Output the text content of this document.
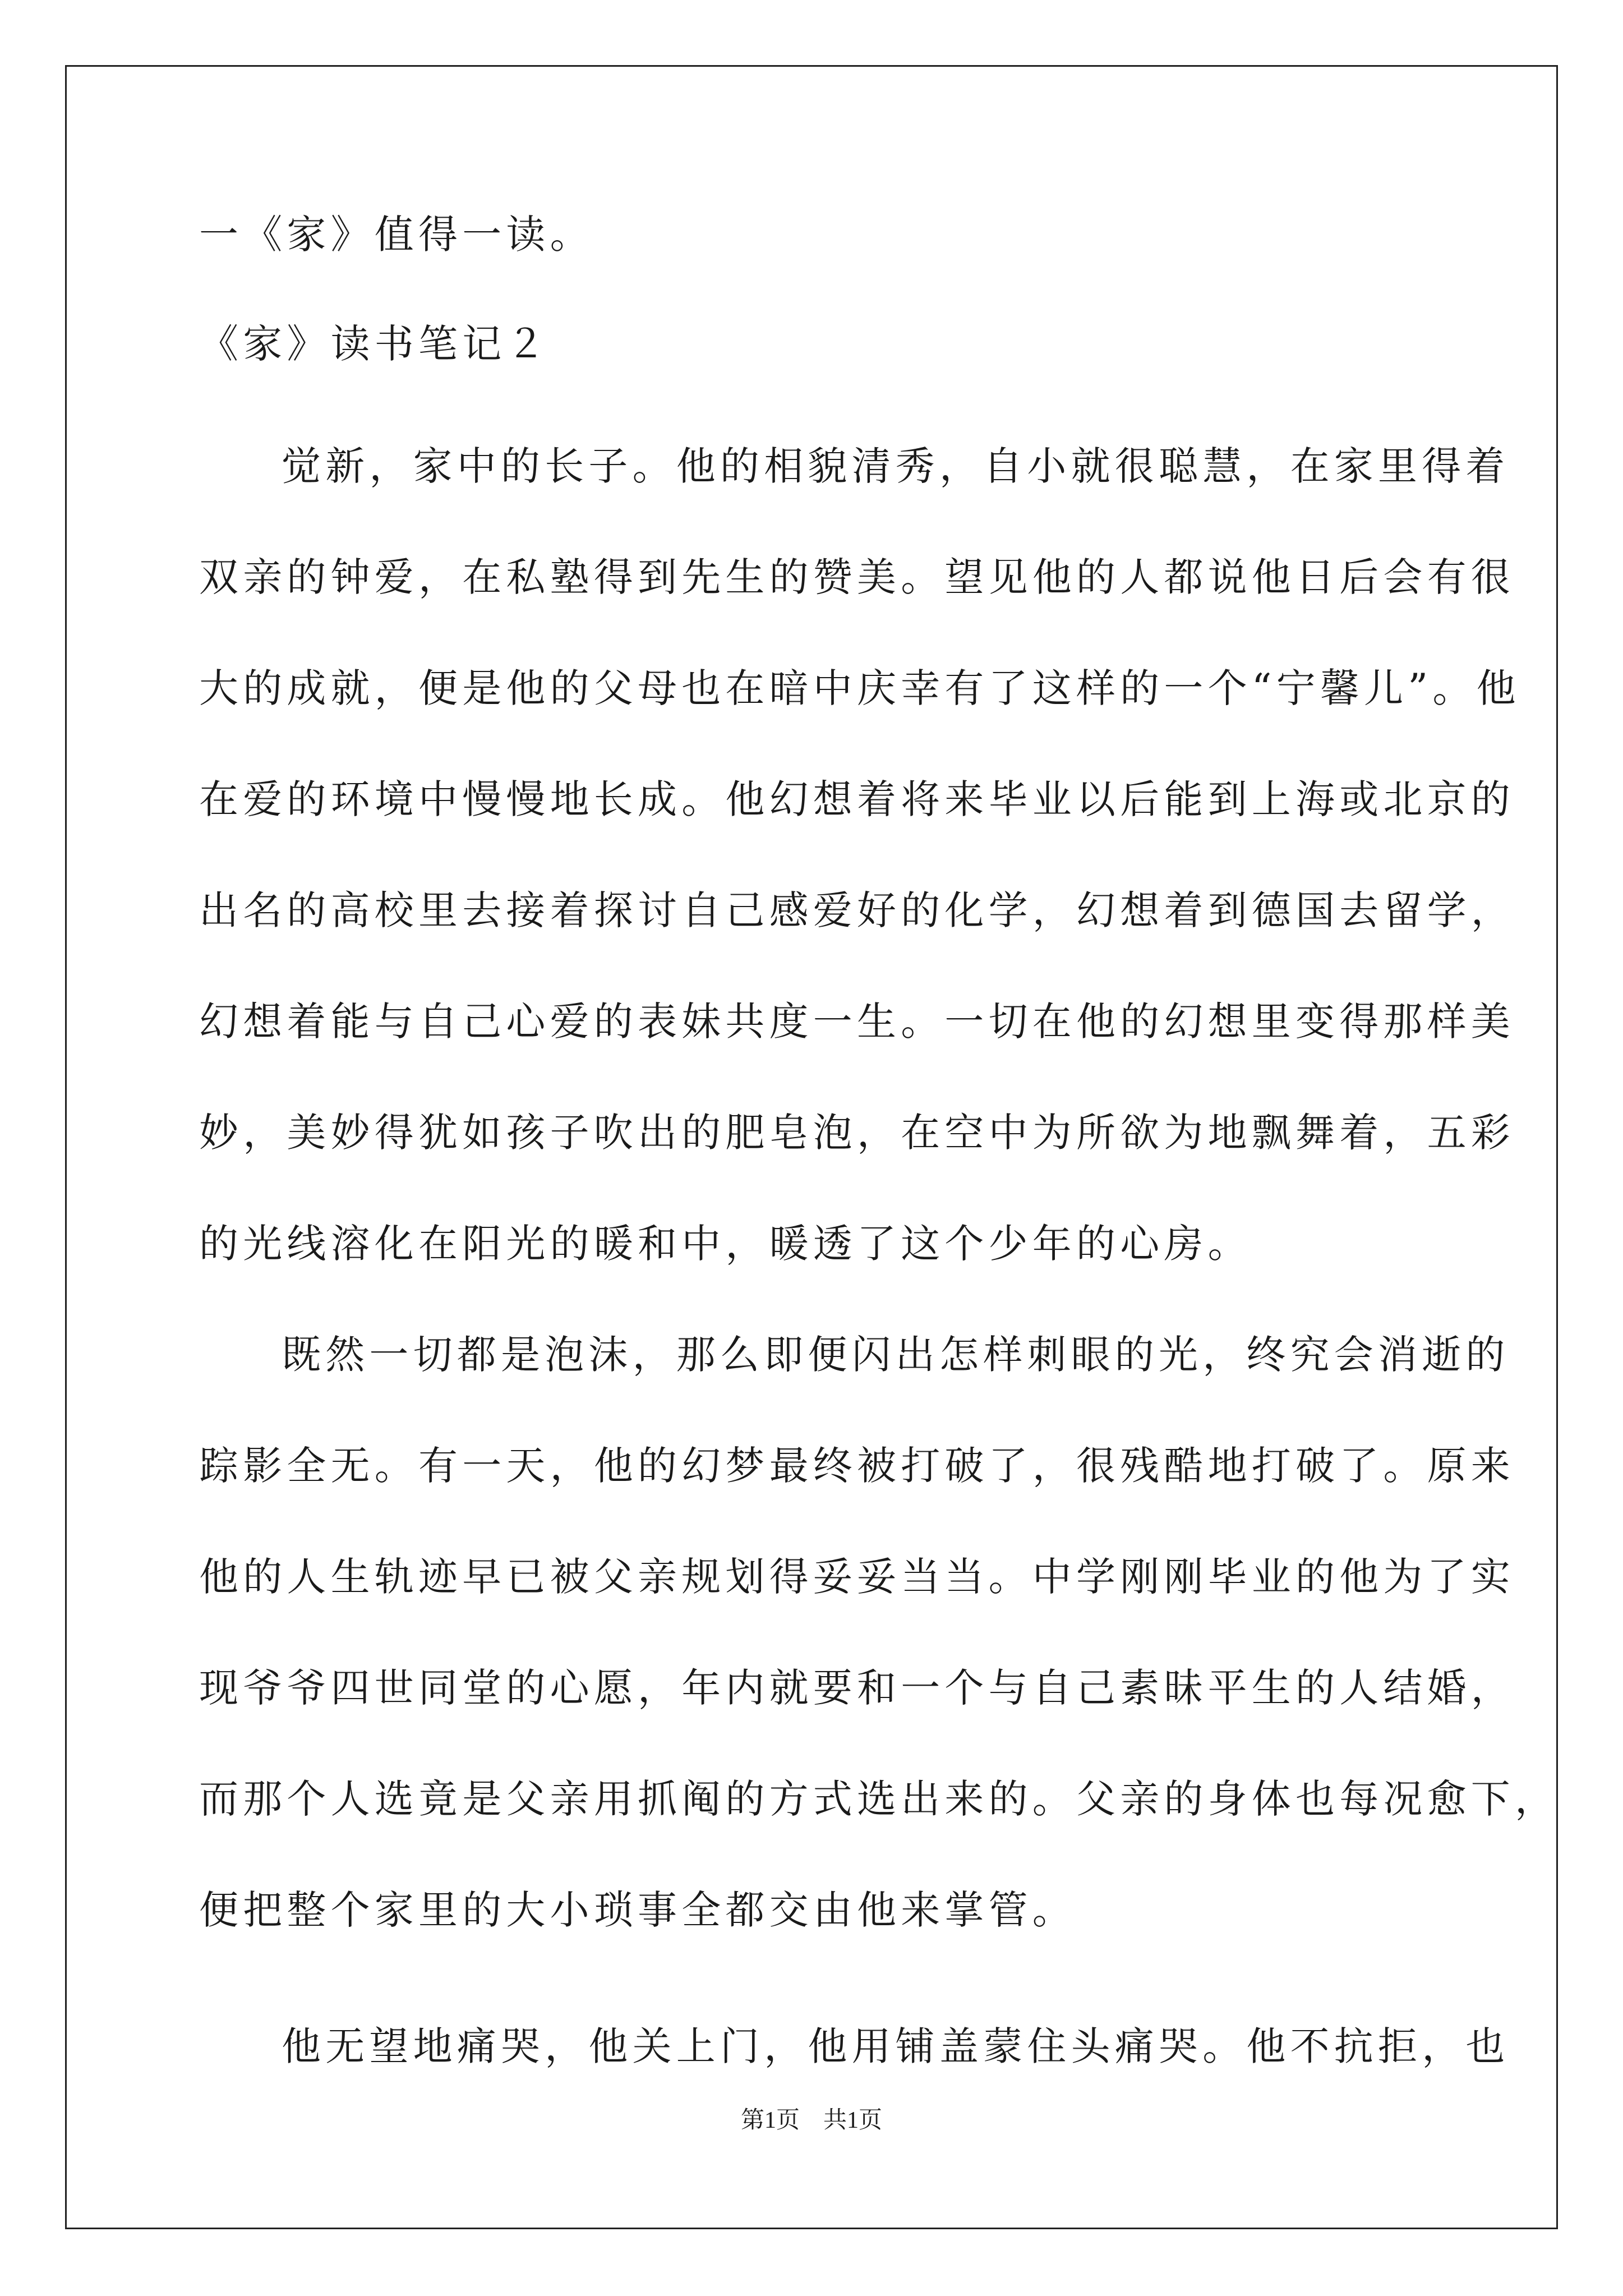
一《家》值得一读。
《家》读书笔记２
觉新，家中的长子。他的相貌清秀，自小就很聪慧，在家里得着
双亲的钟爱，在私塾得到先生的赞美。望见他的人都说他日后会有很
大的成就，便是他的父母也在暗中庆幸有了这样的一个“宁馨儿”。他
在爱的环境中慢慢地长成。他幻想着将来毕业以后能到上海或北京的
出名的高校里去接着探讨自己感爱好的化学，幻想着到德国去留学，
幻想着能与自己心爱的表妹共度一生。一切在他的幻想里变得那样美
妙，美妙得犹如孩子吹出的肥皂泡，在空中为所欲为地飘舞着，五彩
的光线溶化在阳光的暖和中，暖透了这个少年的心房。
既然一切都是泡沫，那么即便闪出怎样刺眼的光，终究会消逝的
踪影全无。有一天，他的幻梦最终被打破了，很残酷地打破了。原来
他的人生轨迹早已被父亲规划得妥妥当当。中学刚刚毕业的他为了实
现爷爷四世同堂的心愿，年内就要和一个与自己素昧平生的人结婚，
而那个人选竟是父亲用抓阄的方式选出来的。父亲的身体也每况愈下，
便把整个家里的大小琐事全都交由他来掌管。
他无望地痛哭，他关上门，他用铺盖蒙住头痛哭。他不抗拒，也
第1页　共1页
